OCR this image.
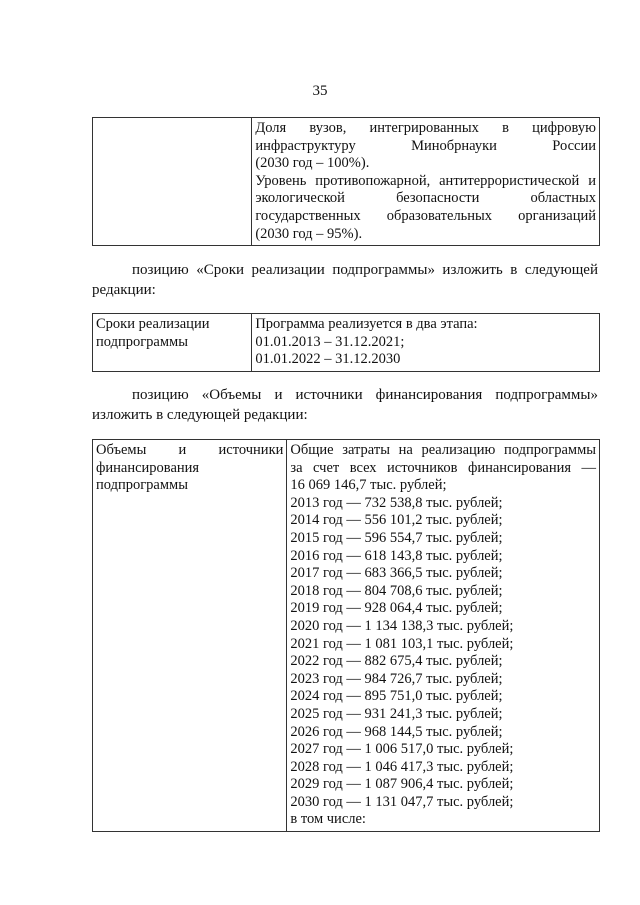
35

Доля вузов, интегрированных в цифровую
инфраструктуру Минобрнауки России
(2030 год – 100%).
Уровень противопожарной, антитеррористической и
экологической безопасности областных
государственных образовательных организаций
(2030 год – 95%).
позицию «Сроки реализации подпрограммы» изложить в следующей
редакции:
Сроки реализации
подпрограммы

Программа реализуется в два этапа:
01.01.2013 – 31.12.2021;
01.01.2022 – 31.12.2030
позицию «Объемы и источники финансирования подпрограммы»
изложить в следующей редакции:
Объемы и источники
финансирования
подпрограммы

Общие затраты на реализацию подпрограммы
за счет всех источников финансирования —
16 069 146,7 тыс. рублей;
2013 год — 732 538,8 тыс. рублей;
2014 год — 556 101,2 тыс. рублей;
2015 год — 596 554,7 тыс. рублей;
2016 год — 618 143,8 тыс. рублей;
2017 год — 683 366,5 тыс. рублей;
2018 год — 804 708,6 тыс. рублей;
2019 год — 928 064,4 тыс. рублей;
2020 год — 1 134 138,3 тыс. рублей;
2021 год — 1 081 103,1 тыс. рублей;
2022 год — 882 675,4 тыс. рублей;
2023 год — 984 726,7 тыс. рублей;
2024 год — 895 751,0 тыс. рублей;
2025 год — 931 241,3 тыс. рублей;
2026 год — 968 144,5 тыс. рублей;
2027 год — 1 006 517,0 тыс. рублей;
2028 год — 1 046 417,3 тыс. рублей;
2029 год — 1 087 906,4 тыс. рублей;
2030 год — 1 131 047,7 тыс. рублей;
в том числе:
